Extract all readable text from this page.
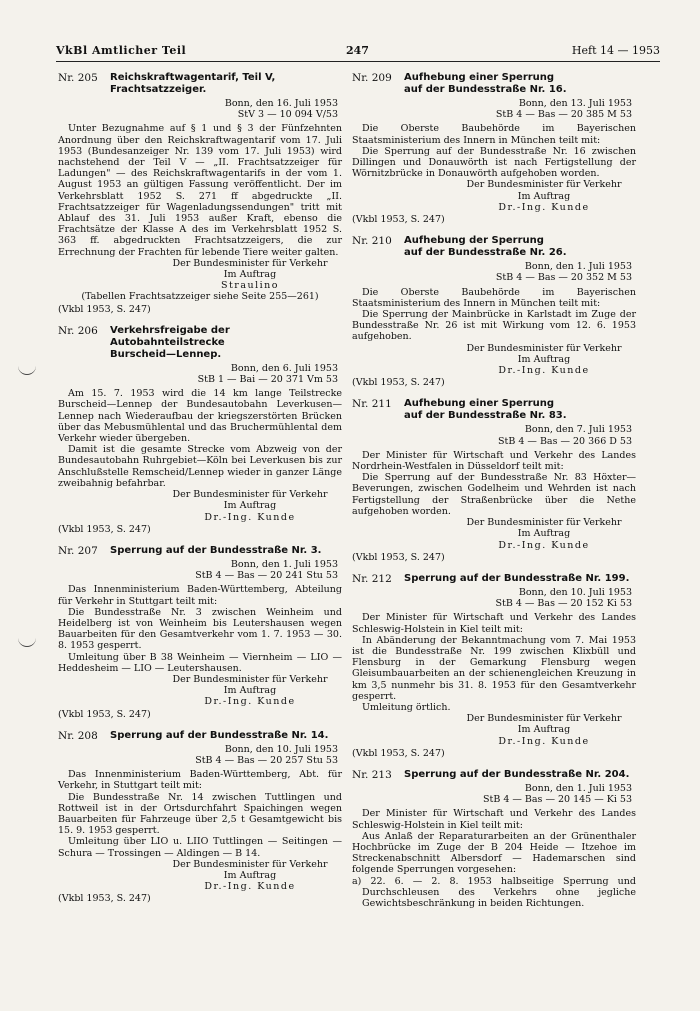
VkBl Amtlicher Teil	247	Heft 14 — 1953
Nr. 205	Reichskraftwagentarif, Teil V,
Frachtsatzzeiger.
Bonn, den 16. Juli 1953
StV 3 — 10 094 V/53
Unter Bezugnahme auf § 1 und § 3 der Fünfzehnten Anordnung über den Reichskraftwagentarif vom 17. Juli 1953 (Bundesanzeiger Nr. 139 vom 17. Juli 1953) wird nachstehend der Teil V — „II. Frachtsatzzeiger für Ladungen" — des Reichskraftwagentarifs in der vom 1. August 1953 an gültigen Fassung veröffentlicht. Der im Verkehrsblatt 1952 S. 271 ff abgedruckte „II. Frachtsatzzeiger für Wagenladungssendungen" tritt mit Ablauf des 31. Juli 1953 außer Kraft, ebenso die Frachtsätze der Klasse A des im Verkehrsblatt 1952 S. 363 ff. abgedruckten Frachtsatzzeigers, die zur Errechnung der Frachten für lebende Tiere weiter galten.
Der Bundesminister für Verkehr
Im Auftrag
Straulino
(Tabellen Frachtsatzzeiger siehe Seite 255—261)
(Vkbl 1953, S. 247)
Nr. 206	Verkehrsfreigabe der Autobahnteilstrecke
Burscheid—Lennep.
Bonn, den 6. Juli 1953
StB 1 — Bai — 20 371 Vm 53
Am 15. 7. 1953 wird die 14 km lange Teilstrecke Burscheid—Lennep der Bundesautobahn Leverkusen—Lennep nach Wiederaufbau der kriegszerstörten Brücken über das Mebusmühlental und das Bruchermühlental dem Verkehr wieder übergeben.
Damit ist die gesamte Strecke vom Abzweig von der Bundesautobahn Ruhrgebiet—Köln bei Leverkusen bis zur Anschlußstelle Remscheid/Lennep wieder in ganzer Länge zweibahnig befahrbar.
Der Bundesminister für Verkehr
Im Auftrag
Dr.-Ing. Kunde
(Vkbl 1953, S. 247)
Nr. 207	Sperrung auf der Bundesstraße Nr. 3.
Bonn, den 1. Juli 1953
StB 4 — Bas — 20 241 Stu 53
Das Innenministerium Baden-Württemberg, Abteilung für Verkehr in Stuttgart teilt mit:
Die Bundesstraße Nr. 3 zwischen Weinheim und Heidelberg ist von Weinheim bis Leutershausen wegen Bauarbeiten für den Gesamtverkehr vom 1. 7. 1953 — 30. 8. 1953 gesperrt.
Umleitung über B 38 Weinheim — Viernheim — LIO — Heddesheim — LIO — Leutershausen.
Der Bundesminister für Verkehr
Im Auftrag
Dr.-Ing. Kunde
(Vkbl 1953, S. 247)
Nr. 208	Sperrung auf der Bundesstraße Nr. 14.
Bonn, den 10. Juli 1953
StB 4 — Bas — 20 257 Stu 53
Das Innenministerium Baden-Württemberg, Abt. für Verkehr, in Stuttgart teilt mit:
Die Bundesstraße Nr. 14 zwischen Tuttlingen und Rottweil ist in der Ortsdurchfahrt Spaichingen wegen Bauarbeiten für Fahrzeuge über 2,5 t Gesamtgewicht bis 15. 9. 1953 gesperrt.
Umleitung über LIO u. LIIO Tuttlingen — Seitingen — Schura — Trossingen — Aldingen — B 14.
Der Bundesminister für Verkehr
Im Auftrag
Dr.-Ing. Kunde
(Vkbl 1953, S. 247)
Nr. 209	Aufhebung einer Sperrung
auf der Bundesstraße Nr. 16.
Bonn, den 13. Juli 1953
StB 4 — Bas — 20 385 M 53
Die Oberste Baubehörde im Bayerischen Staatsministerium des Innern in München teilt mit:
Die Sperrung auf der Bundesstraße Nr. 16 zwischen Dillingen und Donauwörth ist nach Fertigstellung der Wörnitzbrücke in Donauwörth aufgehoben worden.
Der Bundesminister für Verkehr
Im Auftrag
Dr.-Ing. Kunde
(Vkbl 1953, S. 247)
Nr. 210	Aufhebung der Sperrung
auf der Bundesstraße Nr. 26.
Bonn, den 1. Juli 1953
StB 4 — Bas — 20 352 M 53
Die Oberste Baubehörde im Bayerischen Staatsministerium des Innern in München teilt mit:
Die Sperrung der Mainbrücke in Karlstadt im Zuge der Bundesstraße Nr. 26 ist mit Wirkung vom 12. 6. 1953 aufgehoben.
Der Bundesminister für Verkehr
Im Auftrag
Dr.-Ing. Kunde
(Vkbl 1953, S. 247)
Nr. 211	Aufhebung einer Sperrung
auf der Bundesstraße Nr. 83.
Bonn, den 7. Juli 1953
StB 4 — Bas — 20 366 D 53
Der Minister für Wirtschaft und Verkehr des Landes Nordrhein-Westfalen in Düsseldorf teilt mit:
Die Sperrung auf der Bundesstraße Nr. 83 Höxter—Beverungen, zwischen Godelheim und Wehrden ist nach Fertigstellung der Straßenbrücke über die Nethe aufgehoben worden.
Der Bundesminister für Verkehr
Im Auftrag
Dr.-Ing. Kunde
(Vkbl 1953, S. 247)
Nr. 212	Sperrung auf der Bundesstraße Nr. 199.
Bonn, den 10. Juli 1953
StB 4 — Bas — 20 152 Ki 53
Der Minister für Wirtschaft und Verkehr des Landes Schleswig-Holstein in Kiel teilt mit:
In Abänderung der Bekanntmachung vom 7. Mai 1953 ist die Bundesstraße Nr. 199 zwischen Klixbüll und Flensburg in der Gemarkung Flensburg wegen Gleisumbauarbeiten an der schienengleichen Kreuzung in km 3,5 nunmehr bis 31. 8. 1953 für den Gesamtverkehr gesperrt.
Umleitung örtlich.
Der Bundesminister für Verkehr
Im Auftrag
Dr.-Ing. Kunde
(Vkbl 1953, S. 247)
Nr. 213	Sperrung auf der Bundesstraße Nr. 204.
Bonn, den 1. Juli 1953
StB 4 — Bas — 20 145 — Ki 53
Der Minister für Wirtschaft und Verkehr des Landes Schleswig-Holstein in Kiel teilt mit:
Aus Anlaß der Reparaturarbeiten an der Grünenthaler Hochbrücke im Zuge der B 204 Heide — Itzehoe im Streckenabschnitt Albersdorf — Hademarschen sind folgende Sperrungen vorgesehen:
a) 22. 6. — 2. 8. 1953 halbseitige Sperrung und Durchschleusen des Verkehrs ohne jegliche Gewichtsbeschränkung in beiden Richtungen.
